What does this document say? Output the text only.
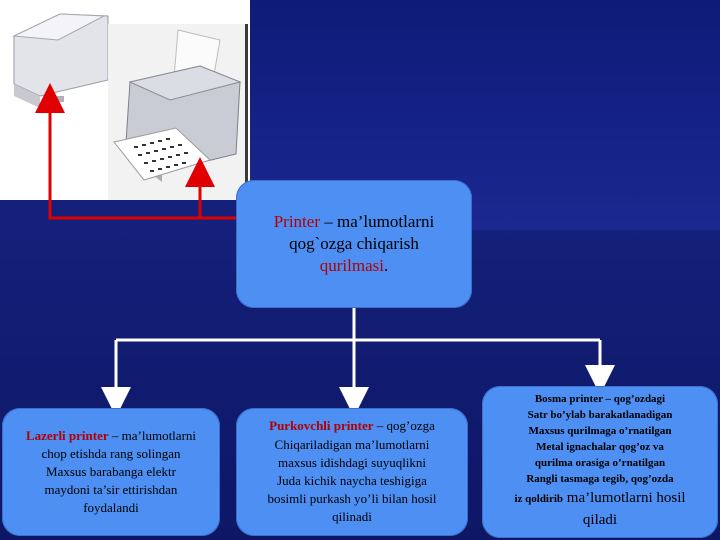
Printer – ma’lumotlarni
qog`ozga chiqarish
qurilmasi.
Lazerli printer – ma’lumotlarni
chop etishda rang solingan
Maxsus barabanga elektr
maydoni ta’sir ettirishdan
foydalandi
Purkovchli printer – qog’ozga
Chiqariladigan ma’lumotlarni
maxsus idishdagi suyuqlikni
Juda kichik naycha teshigiga
bosimli purkash yo’li bilan hosil
qilinadi
Bosma printer – qog’ozdagi
Satr bo’ylab barakatlanadigan
Maxsus qurilmaga o’rnatilgan
Metal ignachalar qog’oz va
qurilma orasiga o’rnatilgan
Rangli tasmaga tegib, qog’ozda
iz qoldirib ma’lumotlarni hosil
qiladi
